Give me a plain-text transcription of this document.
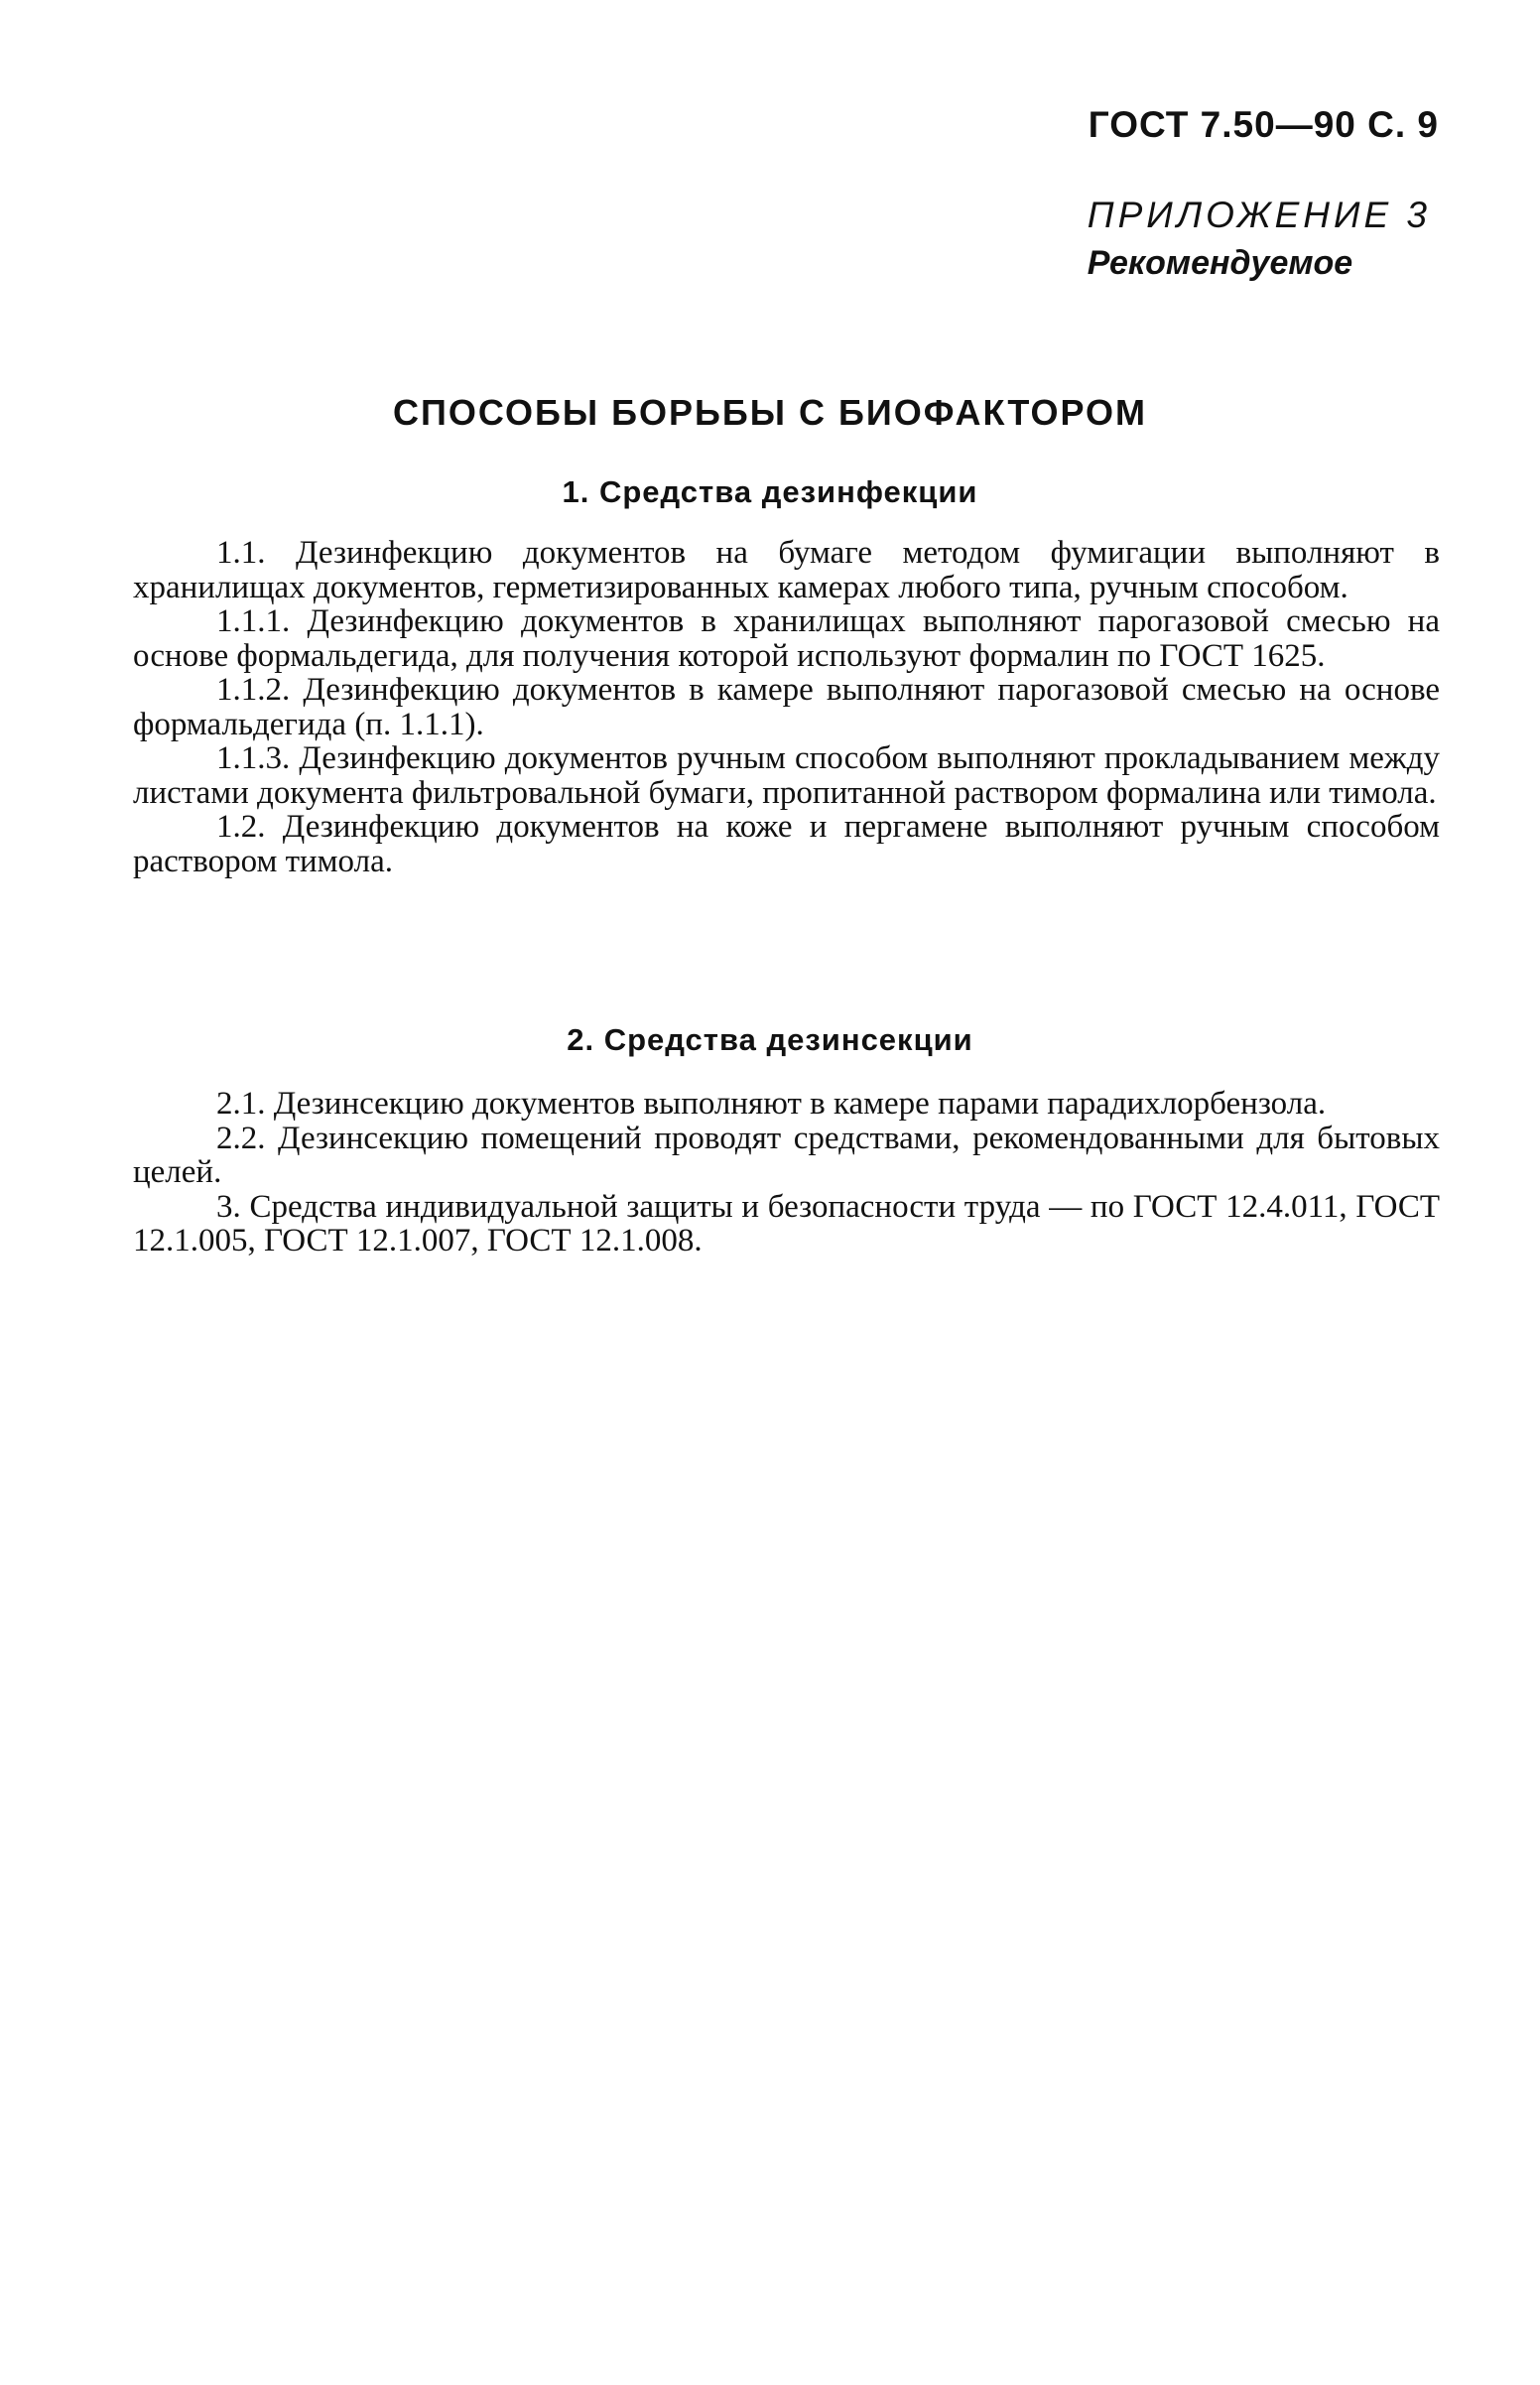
ГОСТ 7.50—90 С. 9
ПРИЛОЖЕНИЕ 3
Рекомендуемое
СПОСОБЫ БОРЬБЫ С БИОФАКТОРОМ
1. Средства дезинфекции

1.1. Дезинфекцию документов на бумаге методом фумигации выполняют в хранилищах документов, герметизированных камерах любого типа, ручным способом.

1.1.1. Дезинфекцию документов в хранилищах выполняют парогазовой смесью на основе формальдегида, для получения которой используют формалин по ГОСТ 1625.

1.1.2. Дезинфекцию документов в камере выполняют парогазовой смесью на основе формальдегида (п. 1.1.1).

1.1.3. Дезинфекцию документов ручным способом выполняют прокладыванием между листами документа фильтровальной бумаги, пропитанной раствором формалина или тимола.

1.2. Дезинфекцию документов на коже и пергамене выполняют ручным способом раствором тимола.

2. Средства дезинсекции

2.1. Дезинсекцию документов выполняют в камере парами парадихлорбензола.

2.2. Дезинсекцию помещений проводят средствами, рекомендованными для бытовых целей.

3. Средства индивидуальной защиты и безопасности труда — по ГОСТ 12.4.011, ГОСТ 12.1.005, ГОСТ 12.1.007, ГОСТ 12.1.008.
